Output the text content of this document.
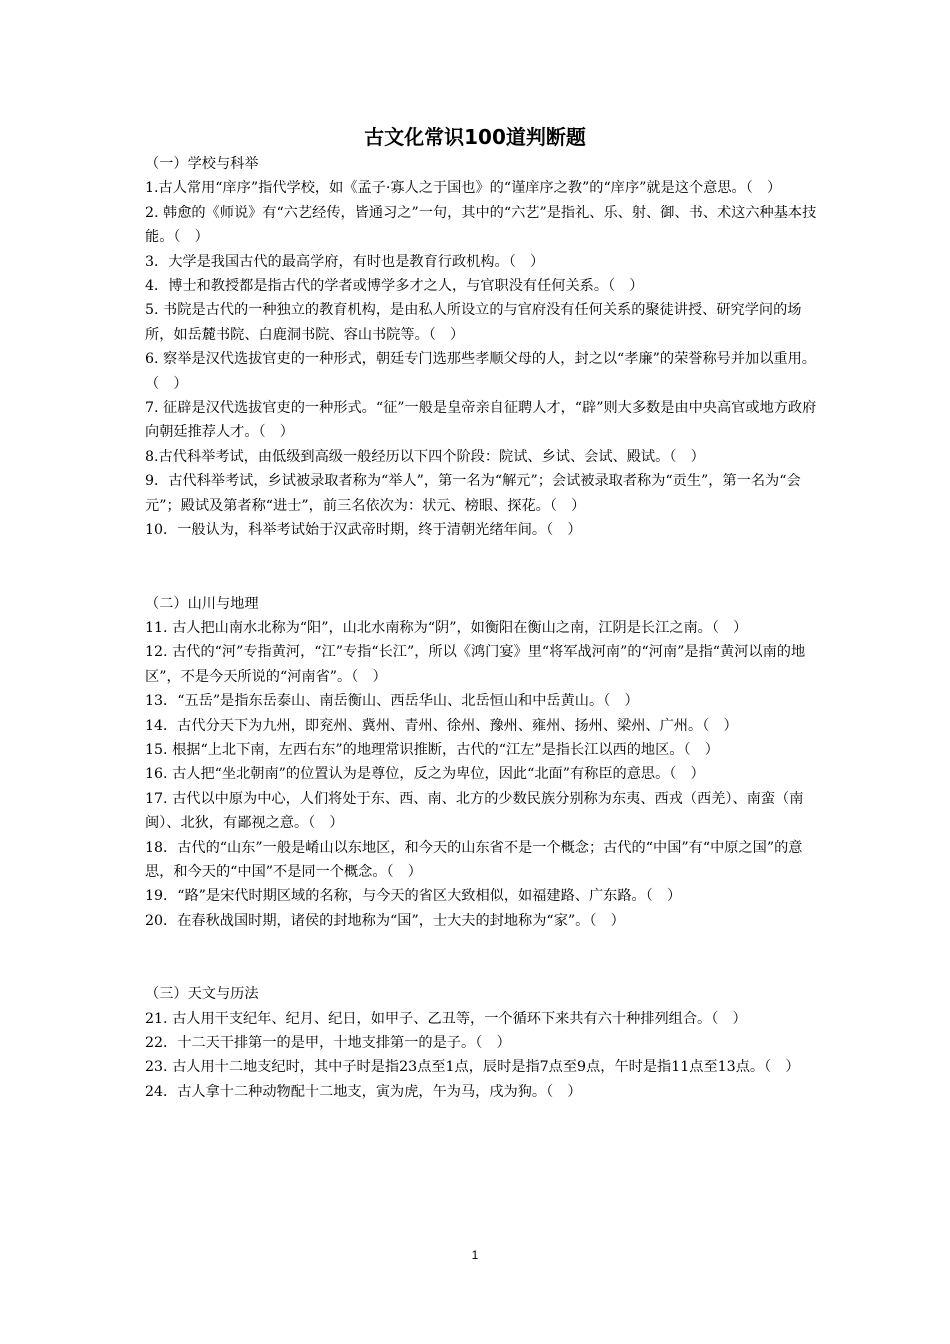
古文化常识100道判断题

（一）学校与科举

1.古人常用“庠序”指代学校，如《孟子·寡人之于国也》的“谨庠序之教”的“庠序”就是这个意思。（　）

2. 韩愈的《师说》有“六艺经传，皆通习之”一句，其中的“六艺”是指礼、乐、射、御、书、术这六种基本技能。（　）

3．大学是我国古代的最高学府，有时也是教育行政机构。（　）

4．博士和教授都是指古代的学者或博学多才之人，与官职没有任何关系。（　）

5. 书院是古代的一种独立的教育机构，是由私人所设立的与官府没有任何关系的聚徒讲授、研究学问的场所，如岳麓书院、白鹿洞书院、容山书院等。（　）

6. 察举是汉代选拔官吏的一种形式，朝廷专门选那些孝顺父母的人，封之以“孝廉”的荣誉称号并加以重用。（　）

7. 征辟是汉代选拔官吏的一种形式。“征”一般是皇帝亲自征聘人才，“辟”则大多数是由中央高官或地方政府向朝廷推荐人才。（　）

8.古代科举考试，由低级到高级一般经历以下四个阶段：院试、乡试、会试、殿试。（　）

9．古代科举考试，乡试被录取者称为“举人”，第一名为“解元”；会试被录取者称为“贡生”，第一名为“会元”；殿试及第者称“进士”，前三名依次为：状元、榜眼、探花。（　）

10．一般认为，科举考试始于汉武帝时期，终于清朝光绪年间。（　）

（二）山川与地理

11. 古人把山南水北称为“阳”，山北水南称为“阴”，如衡阳在衡山之南，江阴是长江之南。（　）

12. 古代的“河”专指黄河，“江”专指“长江”，所以《鸿门宴》里“将军战河南”的“河南”是指“黄河以南的地区”，不是今天所说的“河南省”。（　）

13．“五岳”是指东岳泰山、南岳衡山、西岳华山、北岳恒山和中岳黄山。（　）

14．古代分天下为九州，即兖州、冀州、青州、徐州、豫州、雍州、扬州、梁州、广州。（　）

15. 根据“上北下南，左西右东”的地理常识推断，古代的“江左”是指长江以西的地区。（　）

16. 古人把“坐北朝南”的位置认为是尊位，反之为卑位，因此“北面”有称臣的意思。（　）

17. 古代以中原为中心，人们将处于东、西、南、北方的少数民族分别称为东夷、西戎（西羌）、南蛮（南闽）、北狄，有鄙视之意。（　）

18．古代的“山东”一般是崤山以东地区，和今天的山东省不是一个概念；古代的“中国”有“中原之国”的意思，和今天的“中国”不是同一个概念。（　）

19．“路”是宋代时期区域的名称，与今天的省区大致相似，如福建路、广东路。（　）

20．在春秋战国时期，诸侯的封地称为“国”，士大夫的封地称为“家”。（　）

（三）天文与历法

21. 古人用干支纪年、纪月、纪日，如甲子、乙丑等，一个循环下来共有六十种排列组合。（　）

22．十二天干排第一的是甲，十地支排第一的是子。（　）

23. 古人用十二地支纪时，其中子时是指23点至1点，辰时是指7点至9点，午时是指11点至13点。（　）

24．古人拿十二种动物配十二地支，寅为虎，午为马，戌为狗。（　）

1
